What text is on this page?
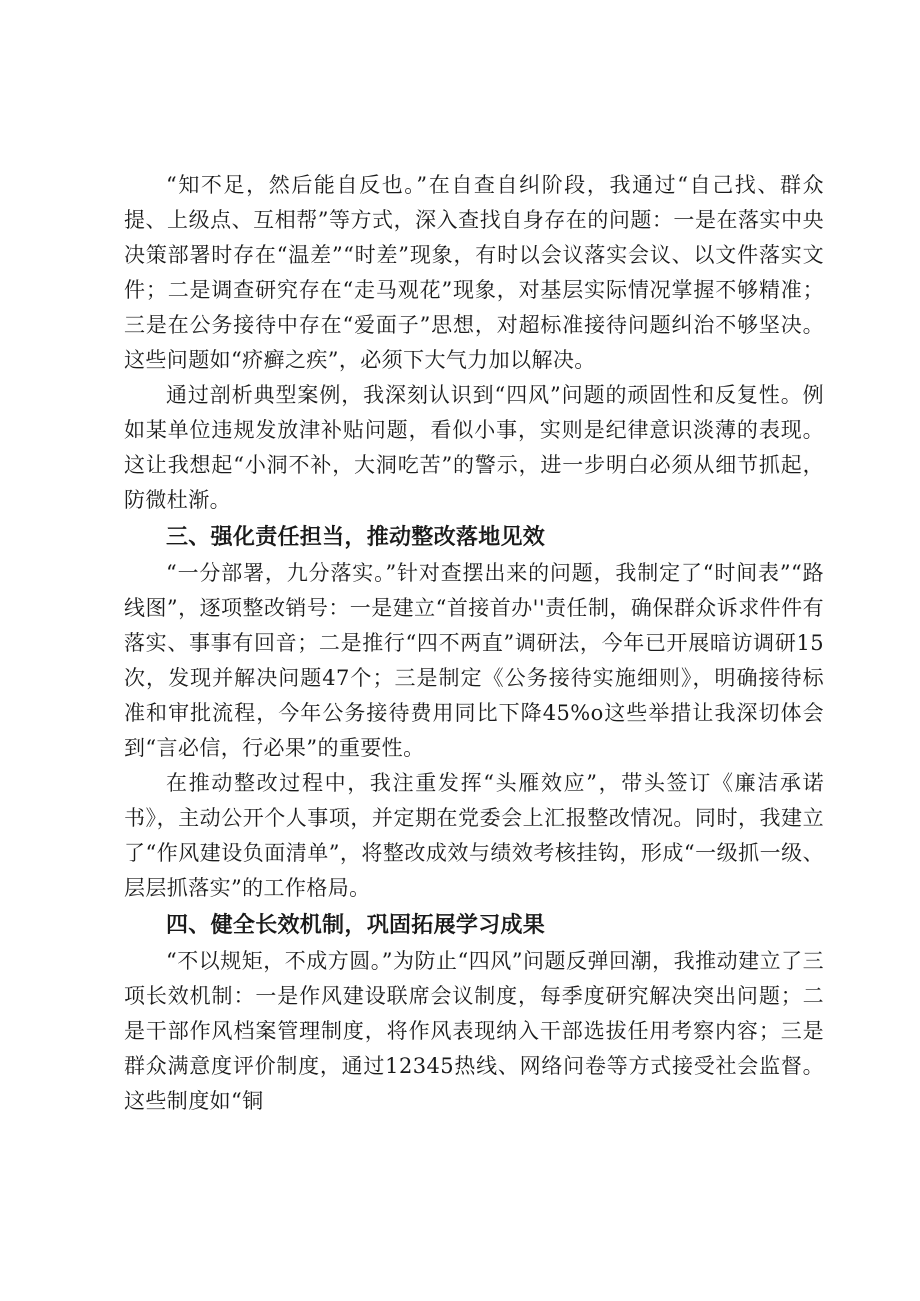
“知不足，然后能自反也。”在自查自纠阶段，我通过“自己找、群众提、上级点、互相帮”等方式，深入查找自身存在的问题：一是在落实中央决策部署时存在“温差”“时差”现象，有时以会议落实会议、以文件落实文件；二是调查研究存在“走马观花”现象，对基层实际情况掌握不够精准；三是在公务接待中存在“爱面子”思想，对超标准接待问题纠治不够坚决。这些问题如“疥癣之疾”，必须下大气力加以解决。

通过剖析典型案例，我深刻认识到“四风”问题的顽固性和反复性。例如某单位违规发放津补贴问题，看似小事，实则是纪律意识淡薄的表现。这让我想起“小洞不补，大洞吃苦”的警示，进一步明白必须从细节抓起，防微杜渐。

三、强化责任担当，推动整改落地见效

“一分部署，九分落实。”针对查摆出来的问题，我制定了“时间表”“路线图”，逐项整改销号：一是建立“首接首办''责任制，确保群众诉求件件有落实、事事有回音；二是推行“四不两直”调研法，今年已开展暗访调研15次，发现并解决问题47个；三是制定《公务接待实施细则》，明确接待标准和审批流程，今年公务接待费用同比下降45%o这些举措让我深切体会到“言必信，行必果”的重要性。

在推动整改过程中，我注重发挥“头雁效应”，带头签订《廉洁承诺书》，主动公开个人事项，并定期在党委会上汇报整改情况。同时，我建立了“作风建设负面清单”，将整改成效与绩效考核挂钩，形成“一级抓一级、层层抓落实”的工作格局。

四、健全长效机制，巩固拓展学习成果

“不以规矩，不成方圆。”为防止“四风”问题反弹回潮，我推动建立了三项长效机制：一是作风建设联席会议制度，每季度研究解决突出问题；二是干部作风档案管理制度，将作风表现纳入干部选拔任用考察内容；三是群众满意度评价制度，通过12345热线、网络问卷等方式接受社会监督。这些制度如“铜
